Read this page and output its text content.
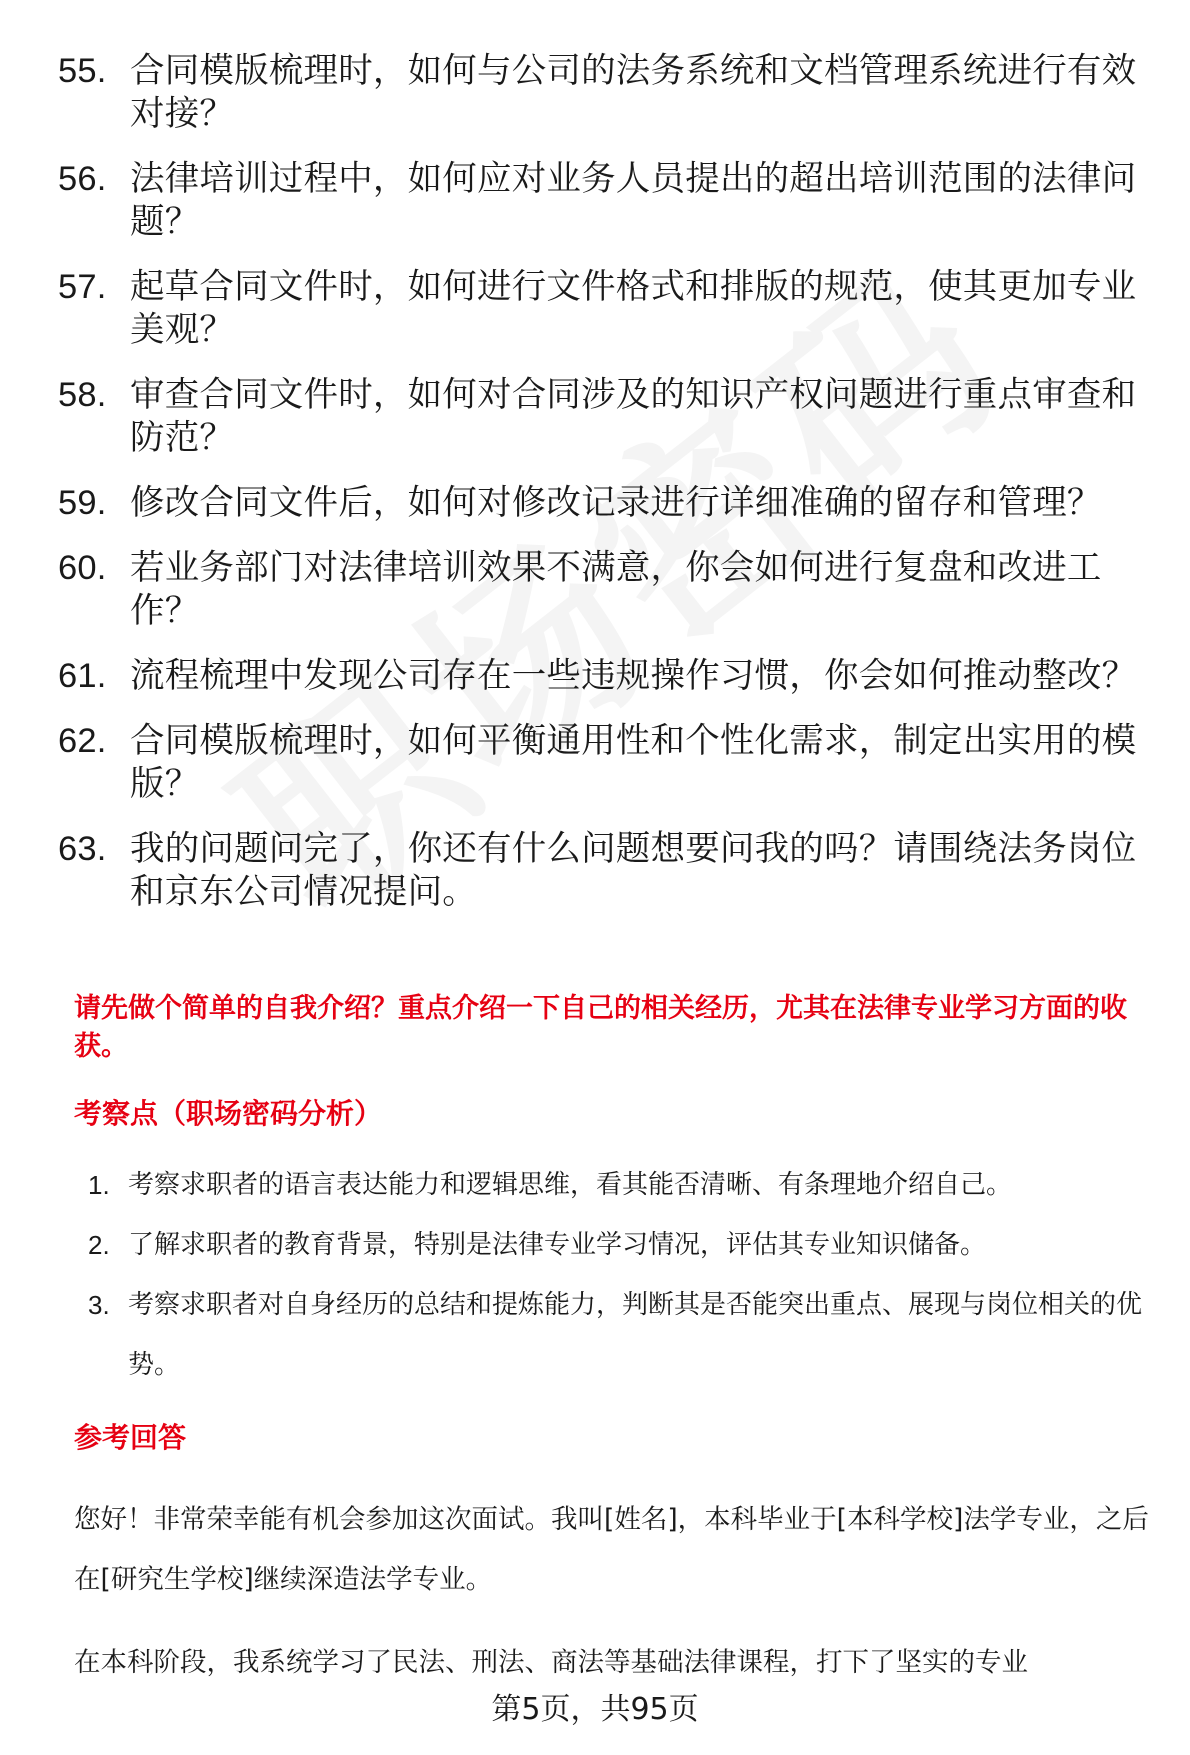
55. 合同模版梳理时，如何与公司的法务系统和文档管理系统进行有效对接？
56. 法律培训过程中，如何应对业务人员提出的超出培训范围的法律问题？
57. 起草合同文件时，如何进行文件格式和排版的规范，使其更加专业美观？
58. 审查合同文件时，如何对合同涉及的知识产权问题进行重点审查和防范？
59. 修改合同文件后，如何对修改记录进行详细准确的留存和管理？
60. 若业务部门对法律培训效果不满意，你会如何进行复盘和改进工作？
61. 流程梳理中发现公司存在一些违规操作习惯，你会如何推动整改？
62. 合同模版梳理时，如何平衡通用性和个性化需求，制定出实用的模版？
63. 我的问题问完了，你还有什么问题想要问我的吗？请围绕法务岗位和京东公司情况提问。
请先做个简单的自我介绍？重点介绍一下自己的相关经历，尤其在法律专业学习方面的收获。
考察点（职场密码分析）
1. 考察求职者的语言表达能力和逻辑思维，看其能否清晰、有条理地介绍自己。
2. 了解求职者的教育背景，特别是法律专业学习情况，评估其专业知识储备。
3. 考察求职者对自身经历的总结和提炼能力，判断其是否能突出重点、展现与岗位相关的优势。
参考回答
您好！非常荣幸能有机会参加这次面试。我叫[姓名]，本科毕业于[本科学校]法学专业，之后在[研究生学校]继续深造法学专业。
在本科阶段，我系统学习了民法、刑法、商法等基础法律课程，打下了坚实的专业
第5页，共95页
